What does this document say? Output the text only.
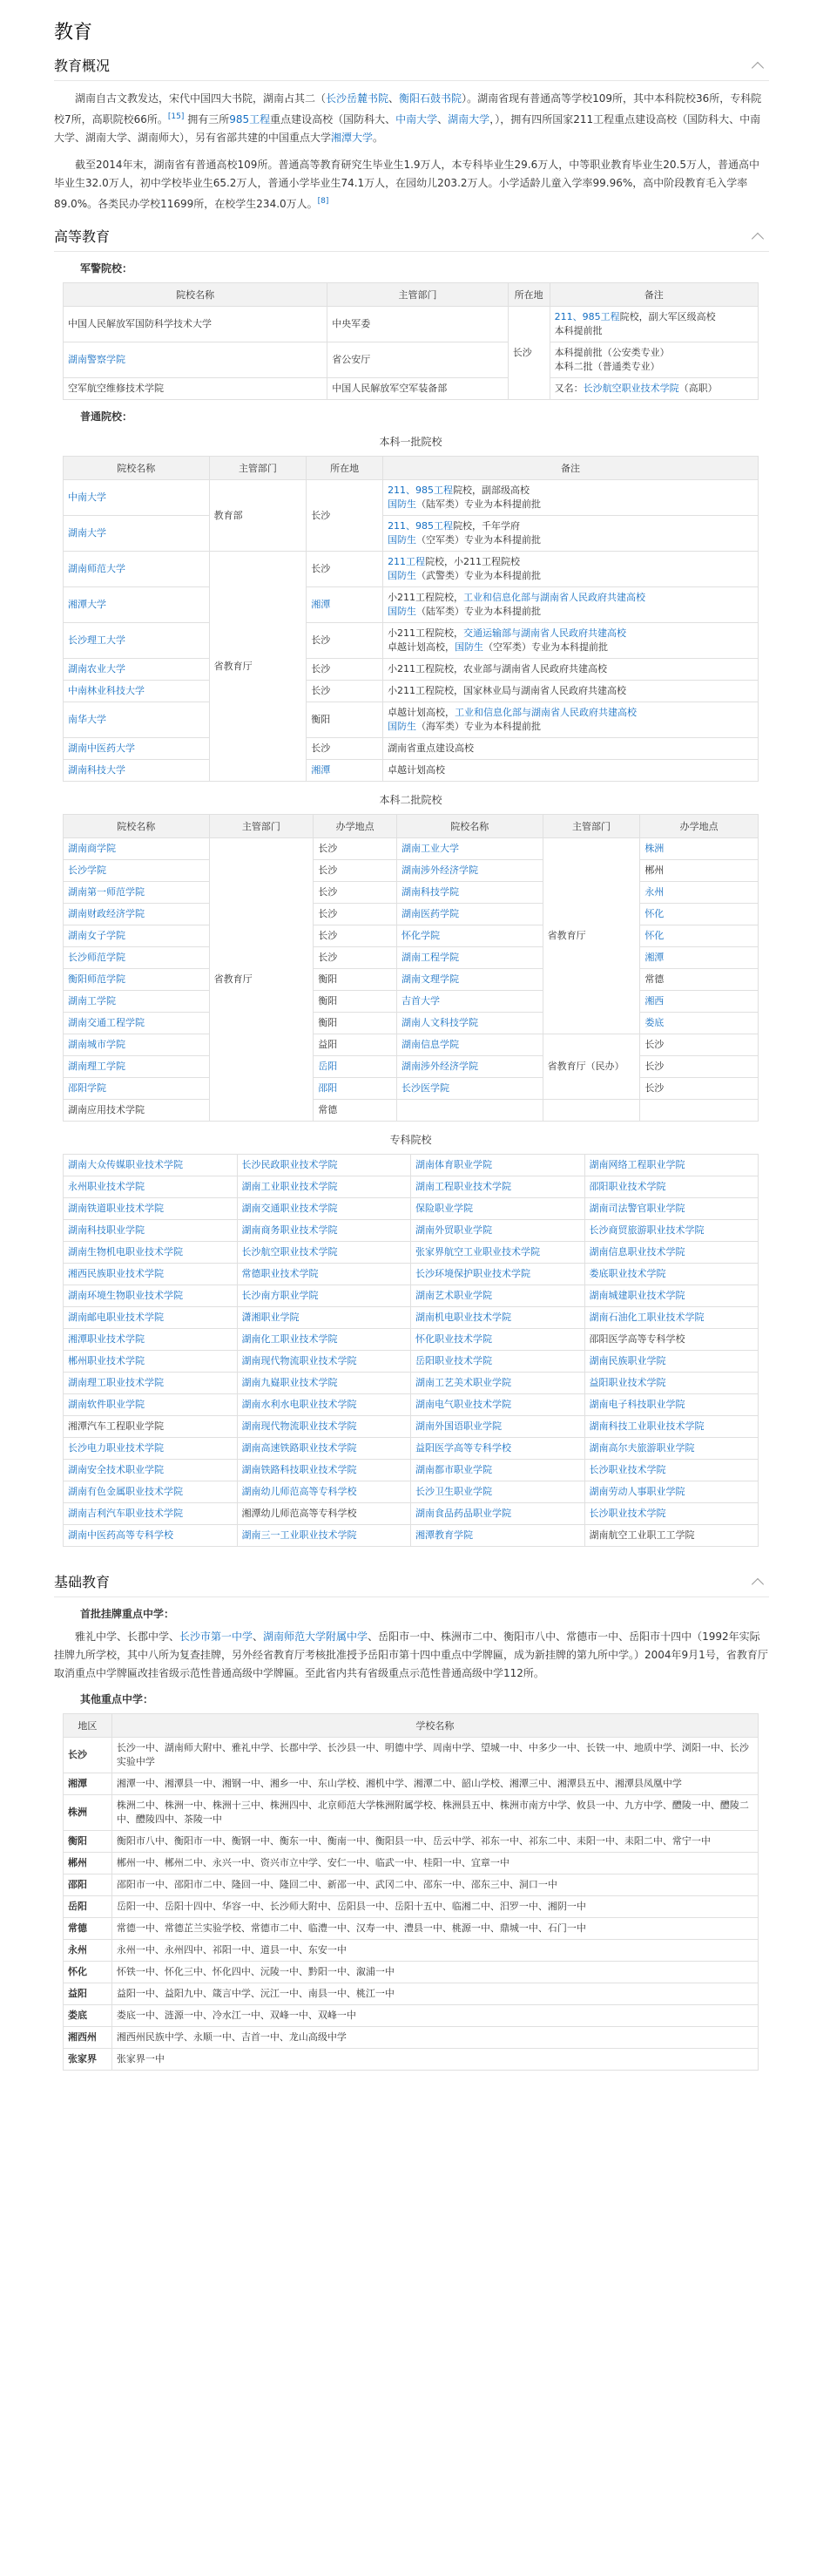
教育
教育概况

湖南自古文教发达，宋代中国四大书院，湖南占其二（长沙岳麓书院、衡阳石鼓书院）。湖南省现有普通高等学校109所，其中本科院校36所，专科院校7所，高职院校66所。[15] 拥有三所985工程重点建设高校（国防科大、中南大学、湖南大学，），拥有四所国家211工程重点建设高校（国防科大、中南大学、湖南大学、湖南师大），另有省部共建的中国重点大学湘潭大学。

截至2014年末，湖南省有普通高校109所。普通高等教育研究生毕业生1.9万人，本专科毕业生29.6万人，中等职业教育毕业生20.5万人，普通高中毕业生32.0万人，初中学校毕业生65.2万人，普通小学毕业生74.1万人，在园幼儿203.2万人。小学适龄儿童入学率99.96%，高中阶段教育毛入学率89.0%。各类民办学校11699所，在校学生234.0万人。[8]

高等教育
军警院校：
院校名称	主管部门	所在地	备注
中国人民解放军国防科学技术大学	中央军委	长沙	211、985工程院校，副大军区级高校
本科提前批
湖南警察学院	省公安厅		本科提前批（公安类专业）
本科二批（普通类专业）
空军航空维修技术学院	中国人民解放军空军装备部		又名：长沙航空职业技术学院（高职）
普通院校：
本科一批院校
院校名称	主管部门	所在地	备注
中南大学	教育部	长沙	211、985工程院校，副部级高校
国防生（陆军类）专业为本科提前批
湖南大学			211、985工程院校，千年学府
国防生（空军类）专业为本科提前批
湖南师范大学	省教育厅	长沙	211工程院校，小211工程院校
国防生（武警类）专业为本科提前批
湘潭大学		湘潭	小211工程院校，工业和信息化部与湖南省人民政府共建高校
国防生（陆军类）专业为本科提前批
长沙理工大学		长沙	小211工程院校，交通运输部与湖南省人民政府共建高校
卓越计划高校，国防生（空军类）专业为本科提前批
湖南农业大学		长沙	小211工程院校，农业部与湖南省人民政府共建高校
中南林业科技大学		长沙	小211工程院校，国家林业局与湖南省人民政府共建高校
南华大学		衡阳	卓越计划高校，工业和信息化部与湖南省人民政府共建高校
国防生（海军类）专业为本科提前批
湖南中医药大学		长沙	湖南省重点建设高校
湖南科技大学		湘潭	卓越计划高校
本科二批院校
院校名称	主管部门	办学地点	院校名称	主管部门	办学地点
湖南商学院	省教育厅	长沙	湖南工业大学	省教育厅	株洲
长沙学院		长沙	湖南涉外经济学院		郴州
湖南第一师范学院		长沙	湖南科技学院		永州
湖南财政经济学院		长沙	湖南医药学院		怀化
湖南女子学院		长沙	怀化学院		怀化
长沙师范学院		长沙	湖南工程学院		湘潭
衡阳师范学院		衡阳	湖南文理学院		常德
湖南工学院		衡阳	吉首大学		湘西
湖南交通工程学院		衡阳	湖南人文科技学院		娄底
湖南城市学院		益阳	湖南信息学院	省教育厅（民办）	长沙
湖南理工学院		岳阳	湖南涉外经济学院		长沙
邵阳学院		邵阳	长沙医学院		长沙
湖南应用技术学院		常德			
专科院校
湖南大众传媒职业技术学院	长沙民政职业技术学院	湖南体育职业学院	湖南网络工程职业学院
永州职业技术学院	湖南工业职业技术学院	湖南工程职业技术学院	邵阳职业技术学院
湖南铁道职业技术学院	湖南交通职业技术学院	保险职业学院	湖南司法警官职业学院
湖南科技职业学院	湖南商务职业技术学院	湖南外贸职业学院	长沙商贸旅游职业技术学院
湖南生物机电职业技术学院	长沙航空职业技术学院	张家界航空工业职业技术学院	湖南信息职业技术学院
湘西民族职业技术学院	常德职业技术学院	长沙环境保护职业技术学院	娄底职业技术学院
湖南环境生物职业技术学院	长沙南方职业学院	湖南艺术职业学院	湖南城建职业技术学院
湖南邮电职业技术学院	潇湘职业学院	湖南机电职业技术学院	湖南石油化工职业技术学院
湘潭职业技术学院	湖南化工职业技术学院	怀化职业技术学院	邵阳医学高等专科学校
郴州职业技术学院	湖南现代物流职业技术学院	岳阳职业技术学院	湖南民族职业学院
湖南理工职业技术学院	湖南九嶷职业技术学院	湖南工艺美术职业学院	益阳职业技术学院
湖南软件职业学院	湖南水利水电职业技术学院	湖南电气职业技术学院	湖南电子科技职业学院
湘潭汽车工程职业学院	湖南现代物流职业技术学院	湖南外国语职业学院	湖南科技工业职业技术学院
长沙电力职业技术学院	湖南高速铁路职业技术学院	益阳医学高等专科学校	湖南高尔夫旅游职业学院
湖南安全技术职业学院	湖南铁路科技职业技术学院	湖南都市职业学院	长沙职业技术学院
湖南有色金属职业技术学院	湖南幼儿师范高等专科学校	长沙卫生职业学院	湖南劳动人事职业学院
湖南吉利汽车职业技术学院	湘潭幼儿师范高等专科学校	湖南食品药品职业学院	长沙职业技术学院
湖南中医药高等专科学校	湖南三一工业职业技术学院	湘潭教育学院	湖南航空工业职工工学院
基础教育
首批挂牌重点中学：

雅礼中学、长郡中学、长沙市第一中学、湖南师范大学附属中学、岳阳市一中、株洲市二中、衡阳市八中、常德市一中、岳阳市十四中（1992年实际挂牌九所学校，其中八所为复查挂牌，另外经省教育厅考核批准授予岳阳市第十四中重点中学牌匾，成为新挂牌的第九所中学。）2004年9月1号，省教育厅取消重点中学牌匾改挂省级示范性普通高级中学牌匾。至此省内共有省级重点示范性普通高级中学112所。

其他重点中学：
地区	学校名称
长沙	长沙一中、湖南师大附中、雅礼中学、长郡中学、长沙县一中、明德中学、周南中学、望城一中、中多少一中、长铁一中、地质中学、浏阳一中、长沙实验中学
湘潭	湘潭一中、湘潭县一中、湘钢一中、湘乡一中、东山学校、湘机中学、湘潭二中、韶山学校、湘潭三中、湘潭县五中、湘潭县凤凰中学
株洲	株洲二中、株洲一中、株洲十三中、株洲四中、北京师范大学株洲附属学校、株洲县五中、株洲市南方中学、攸县一中、九方中学、醴陵一中、醴陵二中、醴陵四中、茶陵一中
衡阳	衡阳市八中、衡阳市一中、衡钢一中、衡东一中、衡南一中、衡阳县一中、岳云中学、祁东一中、祁东二中、耒阳一中、耒阳二中、常宁一中
郴州	郴州一中、郴州二中、永兴一中、资兴市立中学、安仁一中、临武一中、桂阳一中、宜章一中
邵阳	邵阳市一中、邵阳市二中、隆回一中、隆回二中、新邵一中、武冈二中、邵东一中、邵东三中、洞口一中
岳阳	岳阳一中、岳阳十四中、华容一中、长沙师大附中、岳阳县一中、岳阳十五中、临湘二中、汨罗一中、湘阴一中
常德	常德一中、常德芷兰实验学校、常德市二中、临澧一中、汉寿一中、澧县一中、桃源一中、鼎城一中、石门一中
永州	永州一中、永州四中、祁阳一中、道县一中、东安一中
怀化	怀铁一中、怀化三中、怀化四中、沅陵一中、黔阳一中、溆浦一中
益阳	益阳一中、益阳九中、箴言中学、沅江一中、南县一中、桃江一中
娄底	娄底一中、涟源一中、冷水江一中、双峰一中、双峰一中
湘西州	湘西州民族中学、永顺一中、吉首一中、龙山高级中学
张家界	张家界一中
